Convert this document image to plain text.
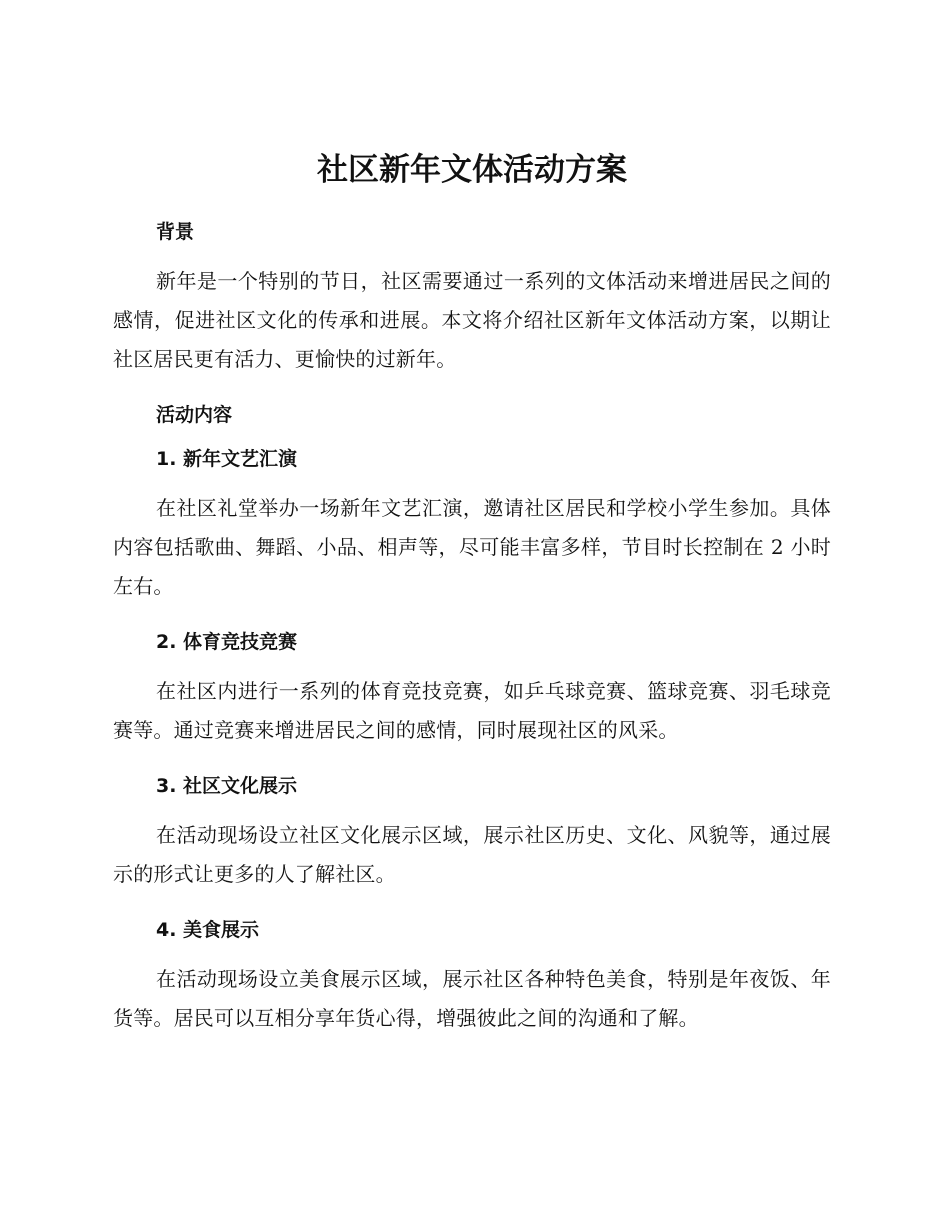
社区新年文体活动方案
背景

新年是一个特别的节日，社区需要通过一系列的文体活动来增进居民之间的感情，促进社区文化的传承和进展。本文将介绍社区新年文体活动方案，以期让社区居民更有活力、更愉快的过新年。

活动内容
1. 新年文艺汇演

在社区礼堂举办一场新年文艺汇演，邀请社区居民和学校小学生参加。具体内容包括歌曲、舞蹈、小品、相声等，尽可能丰富多样，节目时长控制在 2 小时左右。

2. 体育竞技竞赛

在社区内进行一系列的体育竞技竞赛，如乒乓球竞赛、篮球竞赛、羽毛球竞赛等。通过竞赛来增进居民之间的感情，同时展现社区的风采。

3. 社区文化展示

在活动现场设立社区文化展示区域，展示社区历史、文化、风貌等，通过展示的形式让更多的人了解社区。

4. 美食展示

在活动现场设立美食展示区域，展示社区各种特色美食，特别是年夜饭、年货等。居民可以互相分享年货心得，增强彼此之间的沟通和了解。
